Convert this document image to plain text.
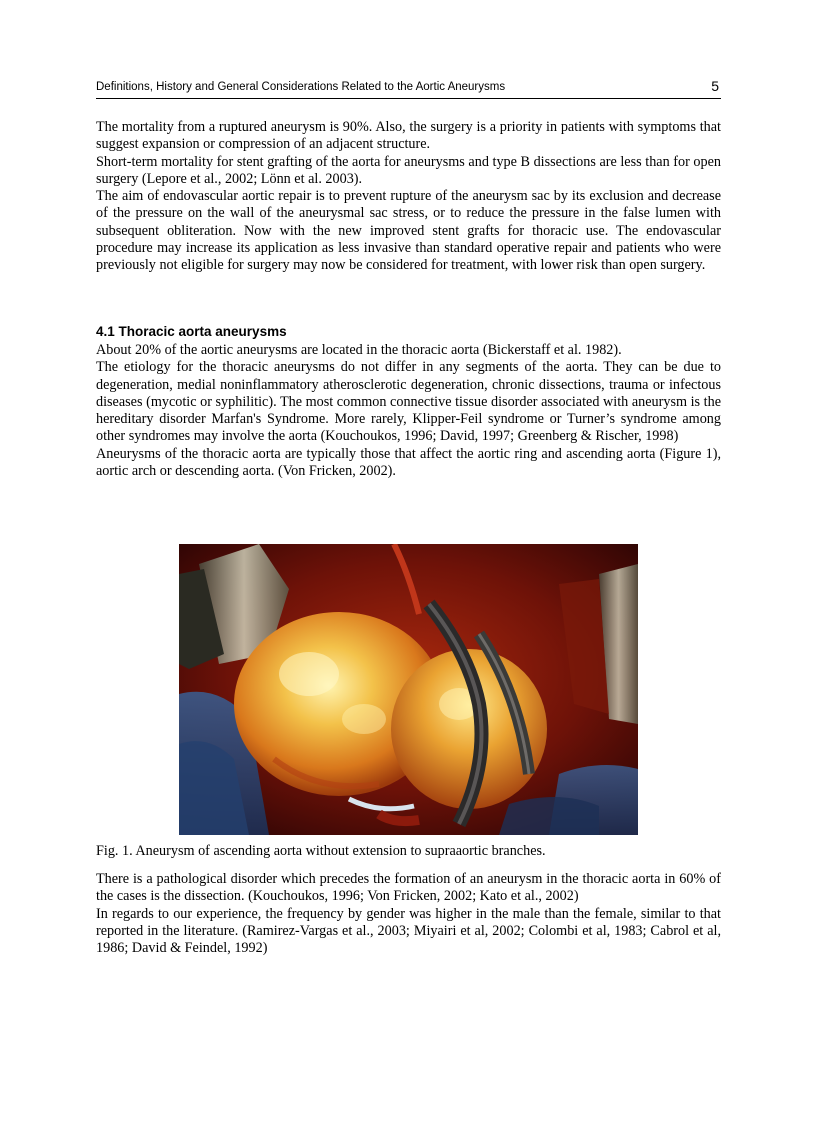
Definitions, History and General Considerations Related to the Aortic Aneurysms	5

The mortality from a ruptured aneurysm is 90%. Also, the surgery is a priority in patients with symptoms that suggest expansion or compression of an adjacent structure.

Short-term mortality for stent grafting of the aorta for aneurysms and type B dissections are less than for open surgery (Lepore et al., 2002; Lönn et al. 2003).

The aim of endovascular aortic repair is to prevent rupture of the aneurysm sac by its exclusion and decrease of the pressure on the wall of the aneurysmal sac stress, or to reduce the pressure in the false lumen with subsequent obliteration. Now with the new improved stent grafts for thoracic use. The endovascular procedure may increase its application as less invasive than standard operative repair and patients who were previously not eligible for surgery may now be considered for treatment, with lower risk than open surgery.

4.1 Thoracic aorta aneurysms

About 20% of the aortic aneurysms are located in the thoracic aorta (Bickerstaff et al. 1982).

The etiology for the thoracic aneurysms do not differ in any segments of the aorta. They can be due to degeneration, medial noninflammatory atherosclerotic degeneration, chronic dissections, trauma or infectous diseases (mycotic or syphilitic). The most common connective tissue disorder associated with aneurysm is the hereditary disorder Marfan's Syndrome. More rarely, Klipper-Feil syndrome or Turner’s syndrome among other syndromes may involve the aorta (Kouchoukos, 1996; David, 1997; Greenberg & Rischer, 1998)

Aneurysms of the thoracic aorta are typically those that affect the aortic ring and ascending aorta (Figure 1), aortic arch or descending aorta. (Von Fricken, 2002).

Fig. 1. Aneurysm of ascending aorta without extension to supraaortic branches.

There is a pathological disorder which precedes the formation of an aneurysm in the thoracic aorta in 60% of the cases is the dissection. (Kouchoukos, 1996; Von Fricken, 2002; Kato et al., 2002)

In regards to our experience, the frequency by gender was higher in the male than the female, similar to that reported in the literature. (Ramirez-Vargas et al., 2003; Miyairi et al, 2002; Colombi et al, 1983; Cabrol et al, 1986; David & Feindel, 1992)
